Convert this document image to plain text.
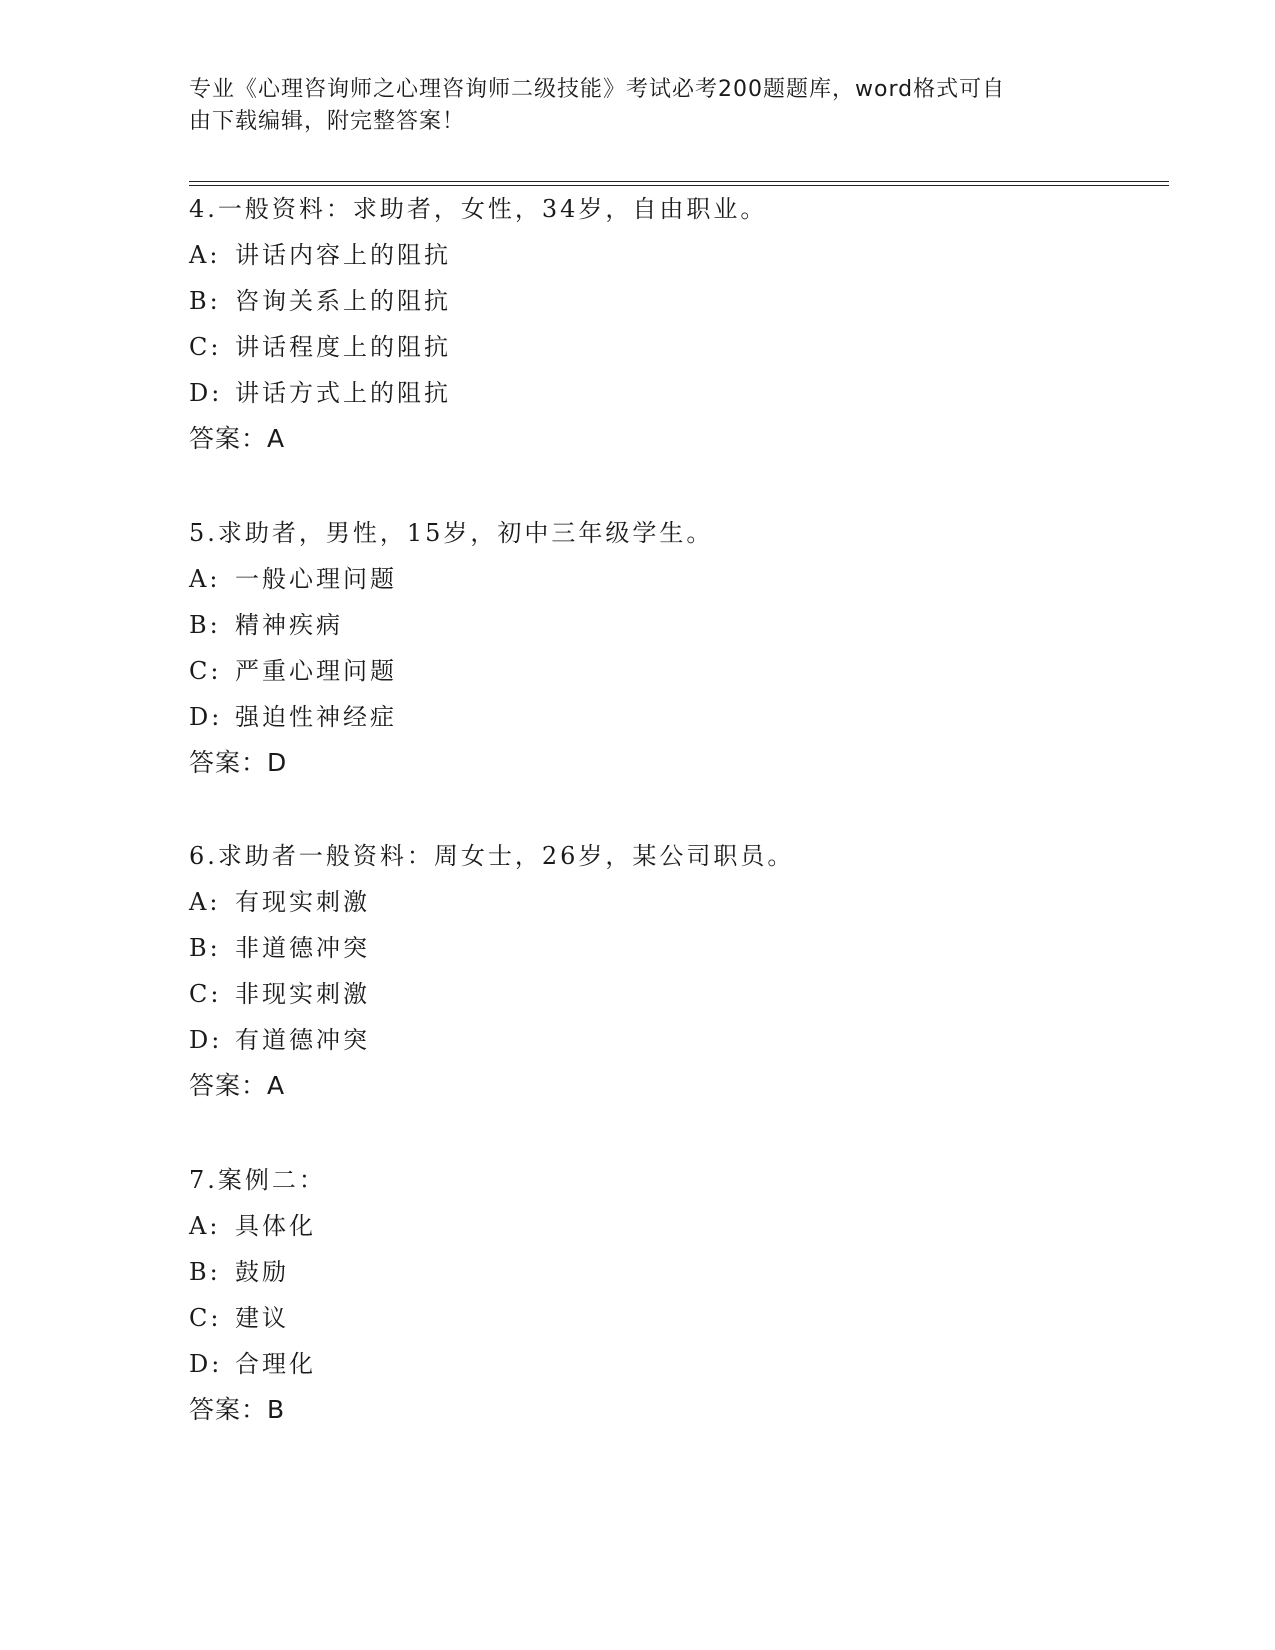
专业《心理咨询师之心理咨询师二级技能》考试必考200题题库，word格式可自
由下载编辑，附完整答案！
4.一般资料：求助者，女性，34岁，自由职业。
A: 讲话内容上的阻抗
B: 咨询关系上的阻抗
C: 讲话程度上的阻抗
D: 讲话方式上的阻抗
答案：A
5.求助者，男性，15岁，初中三年级学生。
A: 一般心理问题
B: 精神疾病
C: 严重心理问题
D: 强迫性神经症
答案：D
6.求助者一般资料：周女士，26岁，某公司职员。
A: 有现实刺激
B: 非道德冲突
C: 非现实刺激
D: 有道德冲突
答案：A
7.案例二：
A: 具体化
B: 鼓励
C: 建议
D: 合理化
答案：B
